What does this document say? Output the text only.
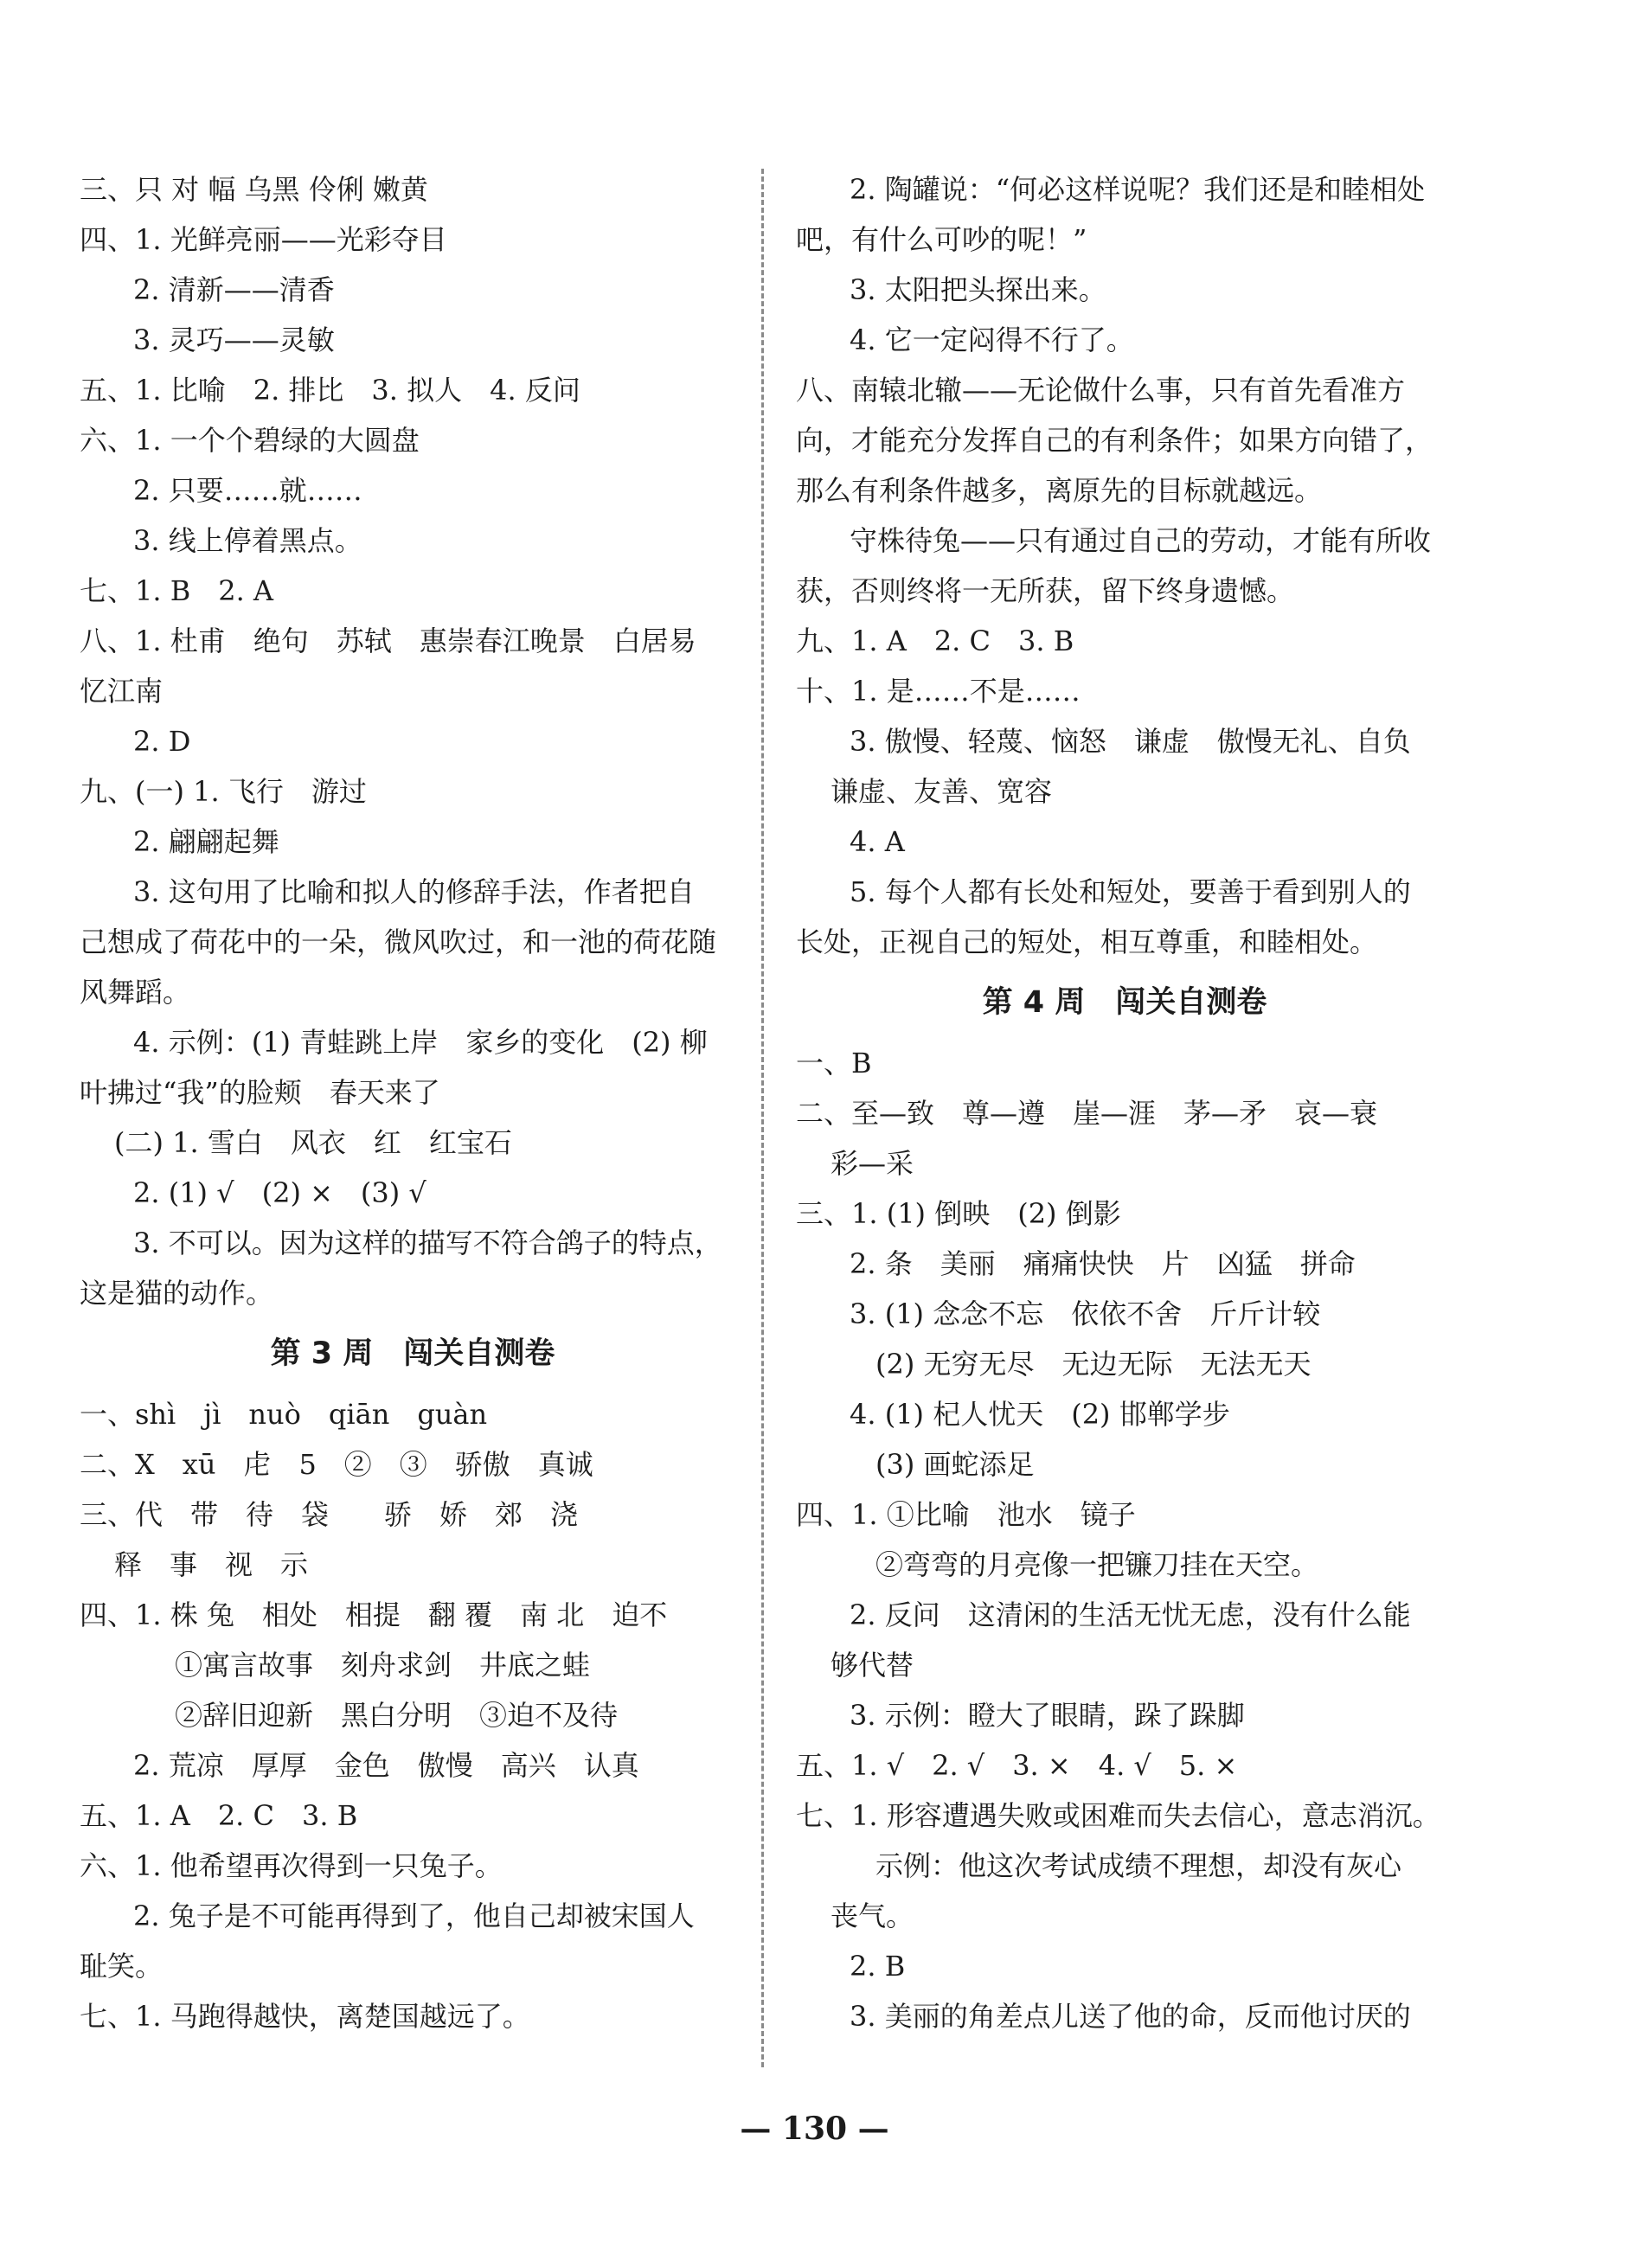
三、只 对 幅 乌黑 伶俐 嫩黄
四、1. 光鲜亮丽——光彩夺目
2. 清新——清香
3. 灵巧——灵敏
五、1. 比喻　2. 排比　3. 拟人　4. 反问
六、1. 一个个碧绿的大圆盘
2. 只要……就……
3. 线上停着黑点。
七、1. B　2. A
八、1. 杜甫　绝句　苏轼　惠崇春江晚景　白居易
忆江南
2. D
九、(一) 1. 飞行　游过
2. 翩翩起舞
3. 这句用了比喻和拟人的修辞手法，作者把自
己想成了荷花中的一朵，微风吹过，和一池的荷花随
风舞蹈。
4. 示例：(1) 青蛙跳上岸　家乡的变化　(2) 柳
叶拂过“我”的脸颊　春天来了
(二) 1. 雪白　风衣　红　红宝石
2. (1) √　(2) ×　(3) √
3. 不可以。因为这样的描写不符合鸽子的特点，
这是猫的动作。
第 3 周　闯关自测卷
一、shì　jì　nuò　qiān　guàn
二、X　xū　虍　5　②　③　骄傲　真诚
三、代　带　待　袋　　骄　娇　郊　浇
释　事　视　示
四、1. 株 兔　相处　相提　翻 覆　南 北　迫不
①寓言故事　刻舟求剑　井底之蛙
②辞旧迎新　黑白分明　③迫不及待
2. 荒凉　厚厚　金色　傲慢　高兴　认真
五、1. A　2. C　3. B
六、1. 他希望再次得到一只兔子。
2. 兔子是不可能再得到了，他自己却被宋国人
耻笑。
七、1. 马跑得越快，离楚国越远了。
2. 陶罐说：“何必这样说呢？我们还是和睦相处
吧，有什么可吵的呢！”
3. 太阳把头探出来。
4. 它一定闷得不行了。
八、南辕北辙——无论做什么事，只有首先看准方
向，才能充分发挥自己的有利条件；如果方向错了，
那么有利条件越多，离原先的目标就越远。
守株待兔——只有通过自己的劳动，才能有所收
获，否则终将一无所获，留下终身遗憾。
九、1. A　2. C　3. B
十、1. 是……不是……
3. 傲慢、轻蔑、恼怒　谦虚　傲慢无礼、自负
谦虚、友善、宽容
4. A
5. 每个人都有长处和短处，要善于看到别人的
长处，正视自己的短处，相互尊重，和睦相处。
第 4 周　闯关自测卷
一、B
二、至—致　尊—遵　崖—涯　茅—矛　哀—衰
彩—采
三、1. (1) 倒映　(2) 倒影
2. 条　美丽　痛痛快快　片　凶猛　拼命
3. (1) 念念不忘　依依不舍　斤斤计较
(2) 无穷无尽　无边无际　无法无天
4. (1) 杞人忧天　(2) 邯郸学步
(3) 画蛇添足
四、1. ①比喻　池水　镜子
②弯弯的月亮像一把镰刀挂在天空。
2. 反问　这清闲的生活无忧无虑，没有什么能
够代替
3. 示例：瞪大了眼睛，跺了跺脚
五、1. √　2. √　3. ×　4. √　5. ×
七、1. 形容遭遇失败或困难而失去信心，意志消沉。
示例：他这次考试成绩不理想，却没有灰心
丧气。
2. B
3. 美丽的角差点儿送了他的命，反而他讨厌的
— 130 —
